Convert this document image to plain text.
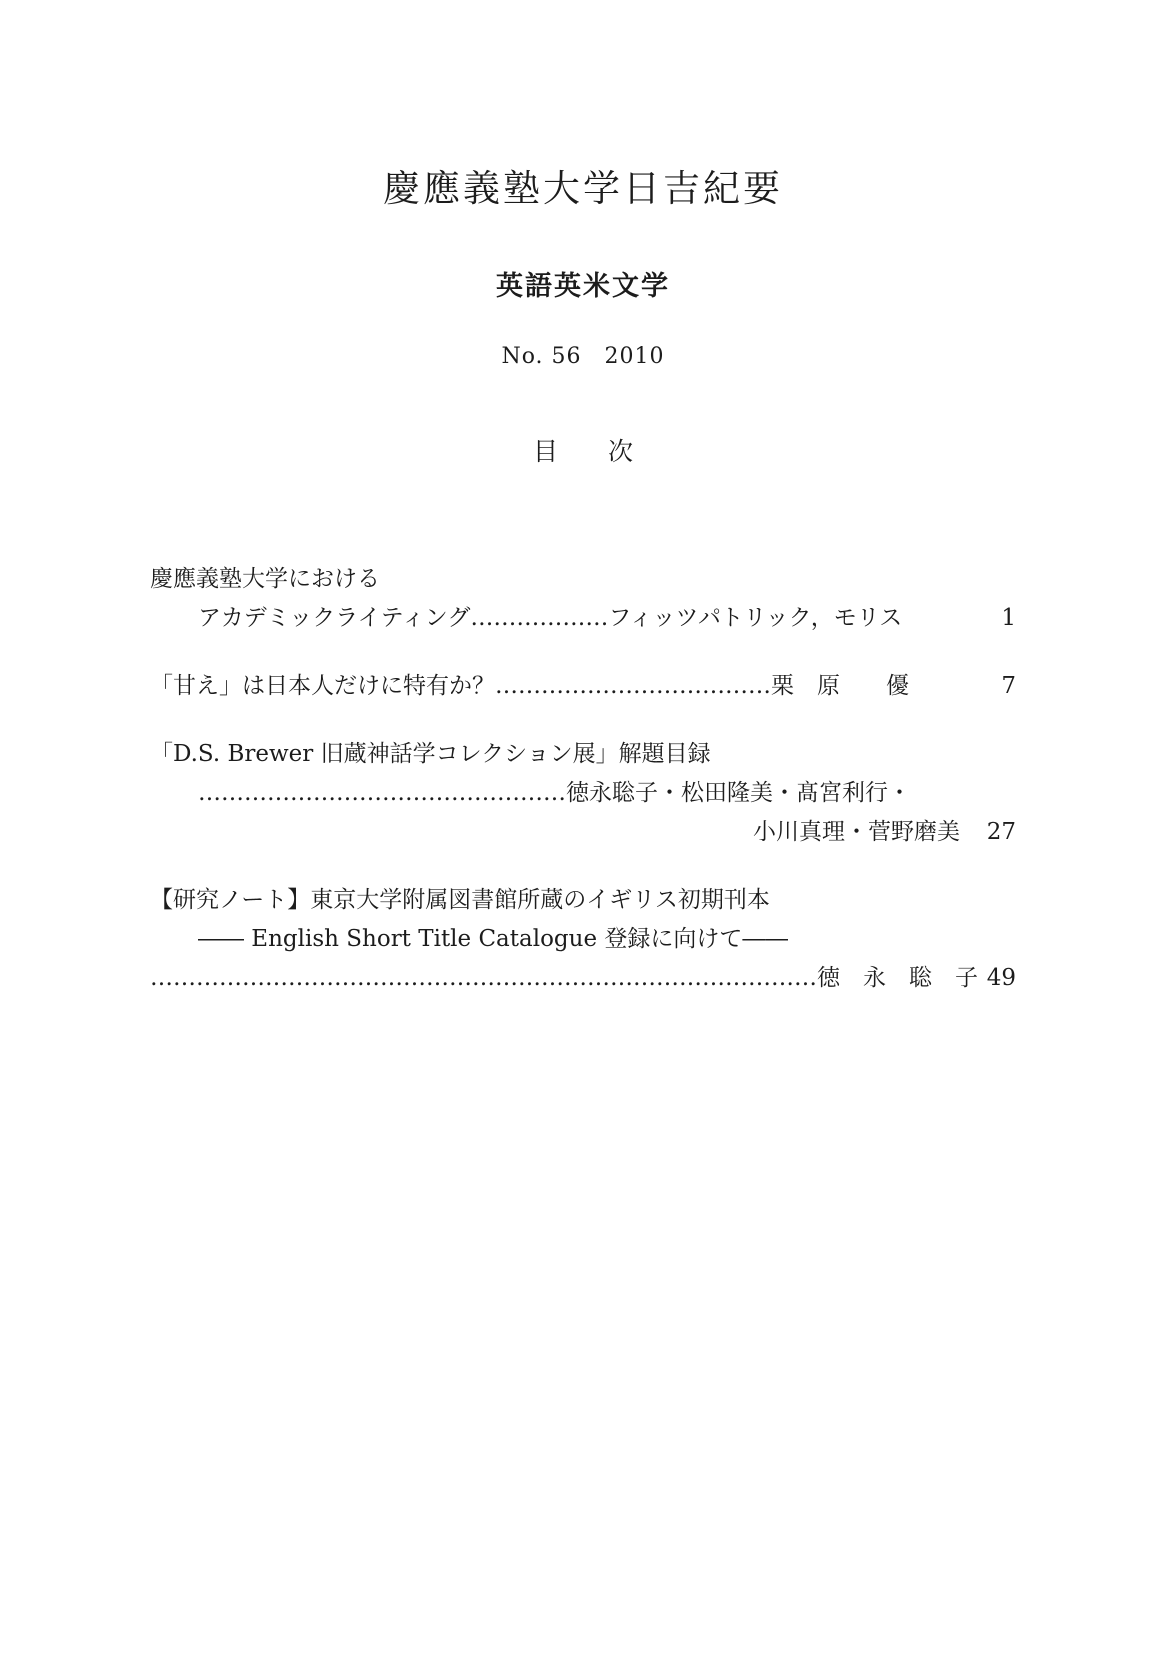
慶應義塾大学日吉紀要
英語英米文学

No. 56　2010

目　　次
慶應義塾大学における
アカデミックライティング………………フィッツパトリック，モリス	1
「甘え」は日本人だけに特有か？………………………………栗　原　　優	7
「D.S. Brewer 旧蔵神話学コレクション展」解題目録
…………………………………………徳永聡子・松田隆美・髙宮利行・
小川真理・菅野磨美 27
【研究ノート】東京大学附属図書館所蔵のイギリス初期刊本
―― English Short Title Catalogue 登録に向けて――
……………………………………………………………………………徳　永　聡　子 49
